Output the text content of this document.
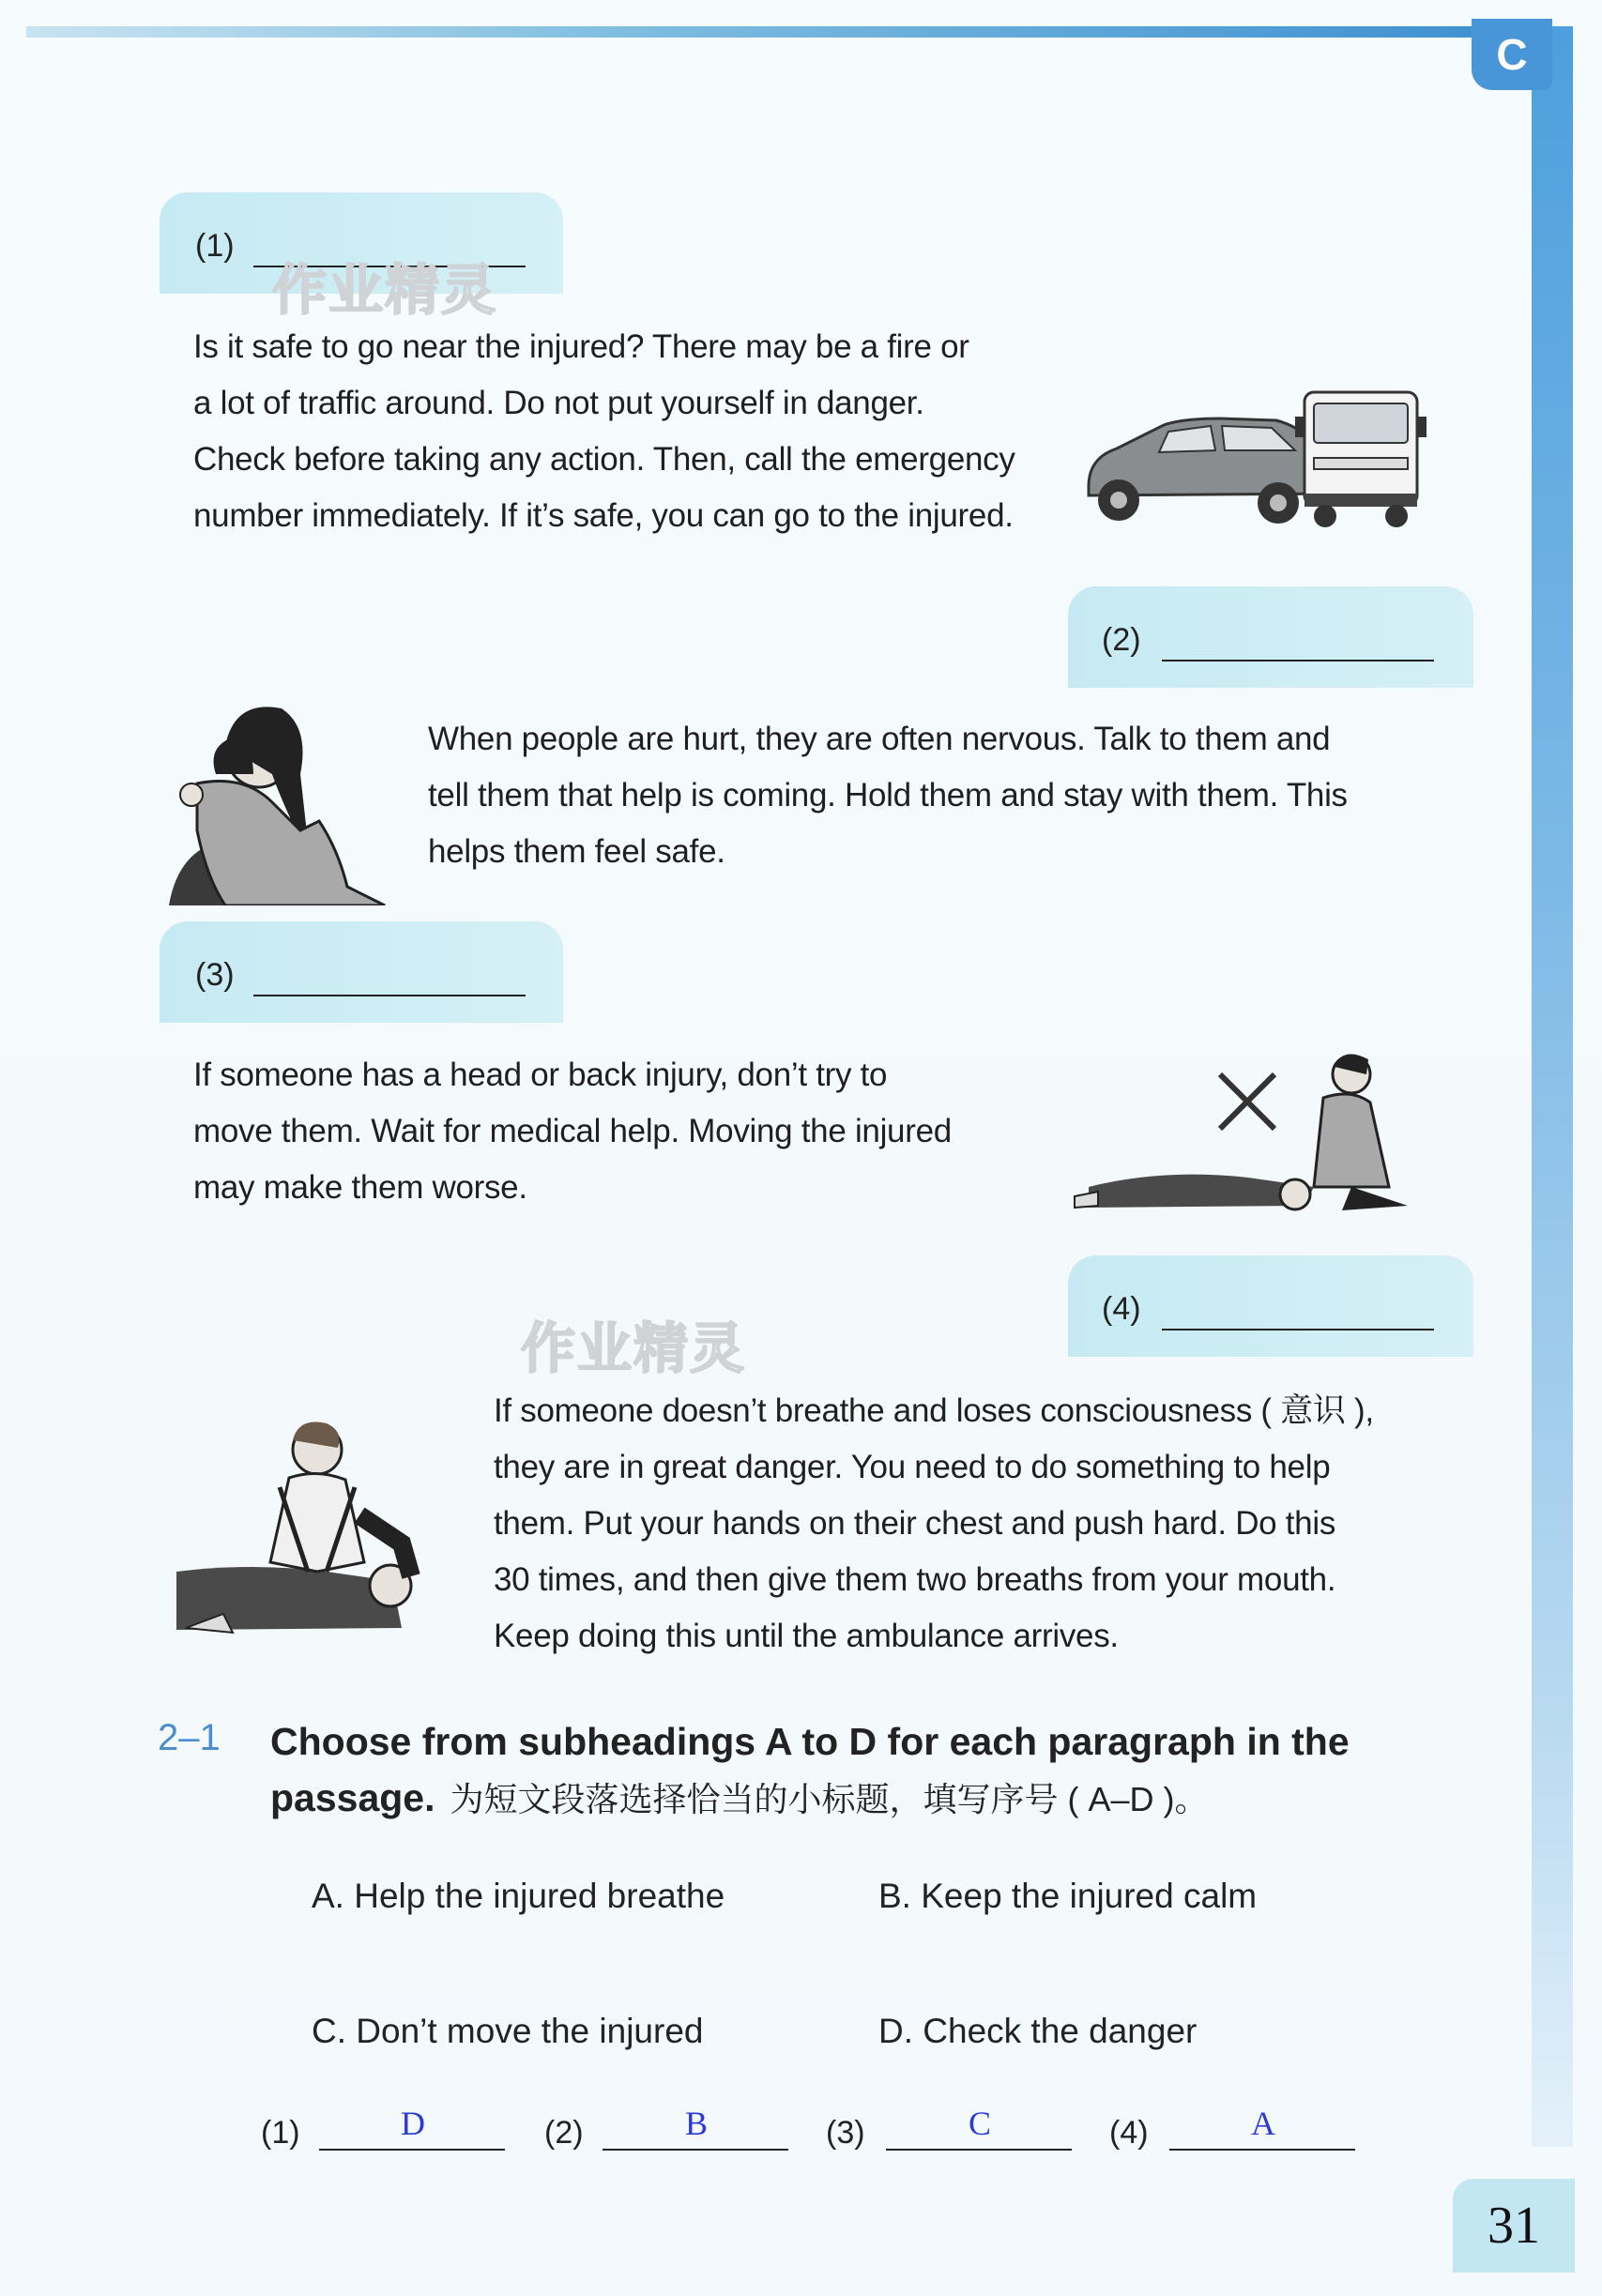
C
(1)
作业精灵
Is it safe to go near the injured? There may be a fire or
a lot of traffic around. Do not put yourself in danger.
Check before taking any action. Then, call the emergency
number immediately. If it’s safe, you can go to the injured.
(2)
When people are hurt, they are often nervous. Talk to them and
tell them that help is coming. Hold them and stay with them. This
helps them feel safe.
(3)
If someone has a head or back injury, don’t try to
move them. Wait for medical help. Moving the injured
may make them worse.
(4)
作业精灵
If someone doesn’t breathe and loses consciousness ( 意识 ),
they are in great danger. You need to do something to help
them. Put your hands on their chest and push hard. Do this
30 times, and then give them two breaths from your mouth.
Keep doing this until the ambulance arrives.
2–1 Choose from subheadings A to D for each paragraph in the
passage. 为短文段落选择恰当的小标题，填写序号 ( A–D )。
A. Help the injured breathe	B. Keep the injured calm
C. Don’t move the injured	D. Check the danger
(1)	D	(2)	B	(3)	C	(4)	A
31
